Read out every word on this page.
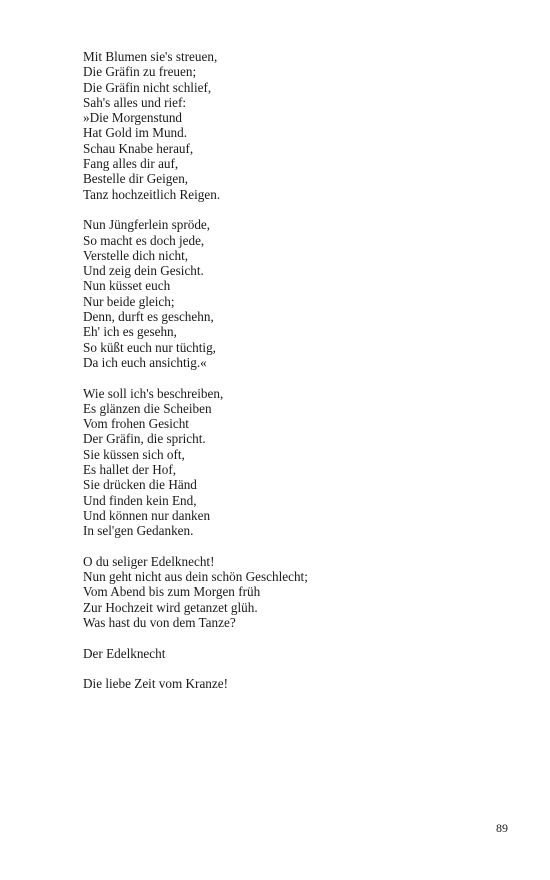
Mit Blumen sie's streuen,
Die Gräfin zu freuen;
Die Gräfin nicht schlief,
Sah's alles und rief:
»Die Morgenstund
Hat Gold im Mund.
Schau Knabe herauf,
Fang alles dir auf,
Bestelle dir Geigen,
Tanz hochzeitlich Reigen.
Nun Jüngferlein spröde,
So macht es doch jede,
Verstelle dich nicht,
Und zeig dein Gesicht.
Nun küsset euch
Nur beide gleich;
Denn, durft es geschehn,
Eh' ich es gesehn,
So küßt euch nur tüchtig,
Da ich euch ansichtig.«
Wie soll ich's beschreiben,
Es glänzen die Scheiben
Vom frohen Gesicht
Der Gräfin, die spricht.
Sie küssen sich oft,
Es hallet der Hof,
Sie drücken die Händ
Und finden kein End,
Und können nur danken
In sel'gen Gedanken.
O du seliger Edelknecht!
Nun geht nicht aus dein schön Geschlecht;
Vom Abend bis zum Morgen früh
Zur Hochzeit wird getanzet glüh.
Was hast du von dem Tanze?
Der Edelknecht
Die liebe Zeit vom Kranze!
89
